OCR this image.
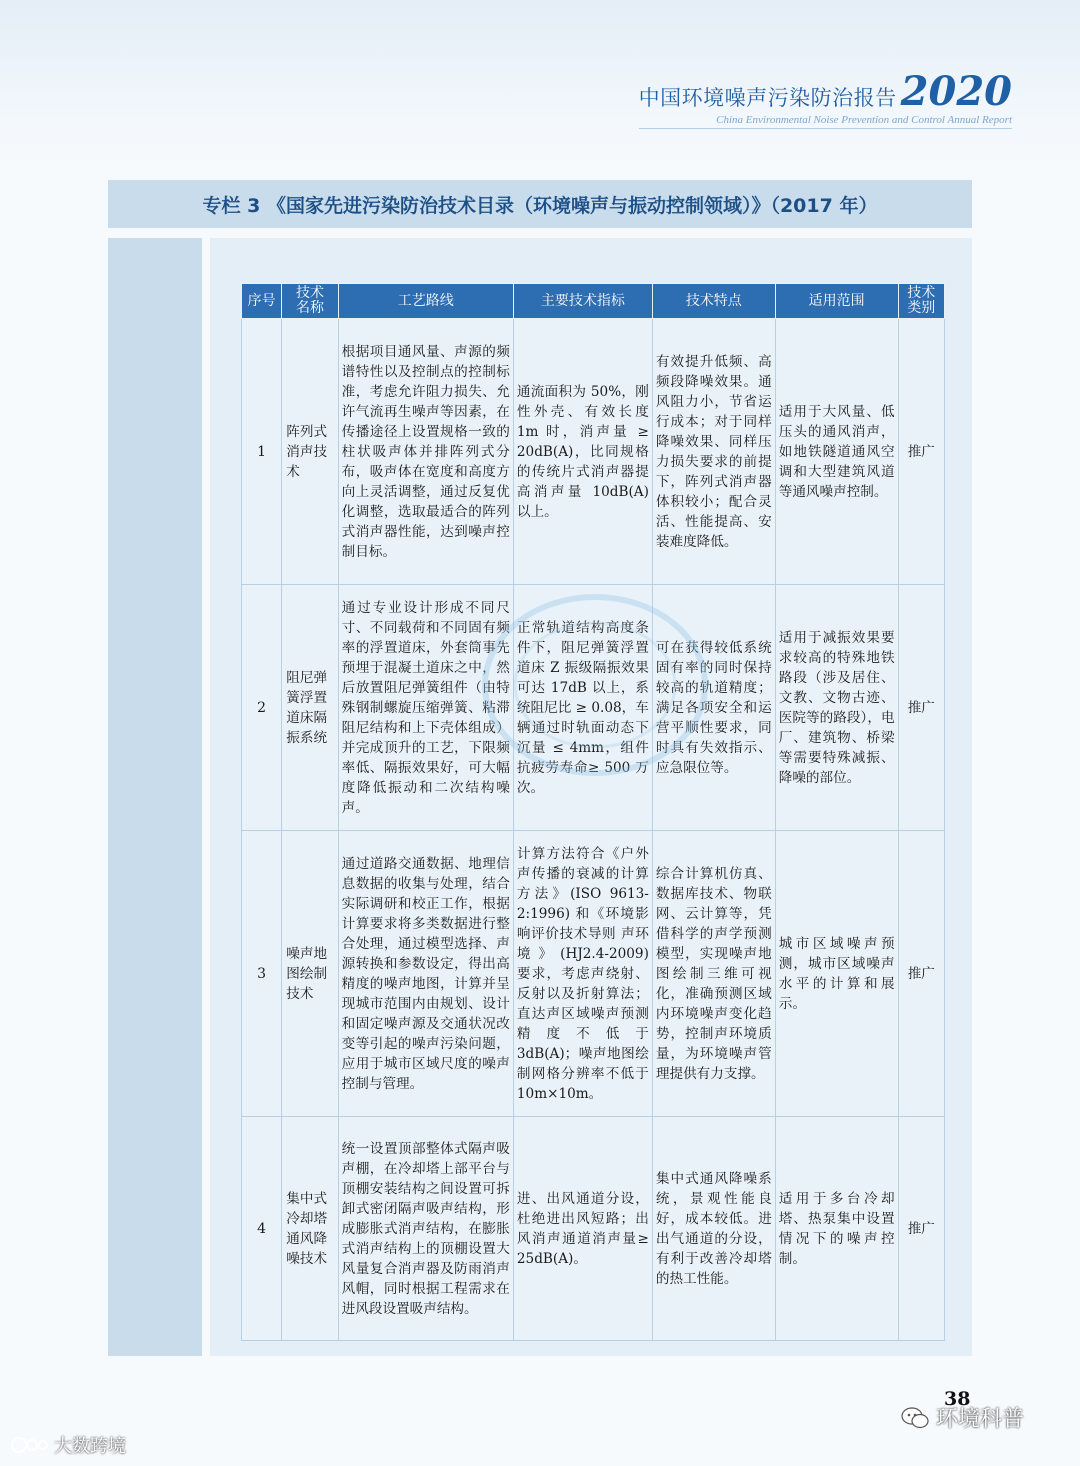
中国环境噪声污染防治报告 2020
China Environmental Noise Prevention and Control Annual Report
专栏 3 《国家先进污染防治技术目录（环境噪声与振动控制领域）》（2017 年）
序号	技术名称	工艺路线	主要技术指标	技术特点	适用范围	技术类别
1	阵列式消声技术	根据项目通风量、声源的频谱特性以及控制点的控制标准，考虑允许阻力损失、允许气流再生噪声等因素，在传播途径上设置规格一致的柱状吸声体并排阵列式分布，吸声体在宽度和高度方向上灵活调整，通过反复优化调整，选取最适合的阵列式消声器性能，达到噪声控制目标。	通流面积为 50%，刚性外壳、有效长度 1m 时，消声量 ≥ 20dB(A)，比同规格的传统片式消声器提高消声量 10dB(A) 以上。	有效提升低频、高频段降噪效果。通风阻力小，节省运行成本；对于同样降噪效果、同样压力损失要求的前提下，阵列式消声器体积较小；配合灵活、性能提高、安装难度降低。	适用于大风量、低压头的通风消声，如地铁隧道通风空调和大型建筑风道等通风噪声控制。	推广
2	阻尼弹簧浮置道床隔振系统	通过专业设计形成不同尺寸、不同载荷和不同固有频率的浮置道床，外套筒事先预埋于混凝土道床之中，然后放置阻尼弹簧组件（由特殊钢制螺旋压缩弹簧、粘滞阻尼结构和上下壳体组成）并完成顶升的工艺，下限频率低、隔振效果好，可大幅度降低振动和二次结构噪声。	正常轨道结构高度条件下，阻尼弹簧浮置道床 Z 振级隔振效果可达 17dB 以上，系统阻尼比 ≥ 0.08，车辆通过时轨面动态下沉量 ≤ 4mm，组件抗疲劳寿命≥ 500 万次。	可在获得较低系统固有率的同时保持较高的轨道精度；满足各项安全和运营平顺性要求，同时具有失效指示、应急限位等。	适用于减振效果要求较高的特殊地铁路段（涉及居住、文教、文物古迹、医院等的路段），电厂、建筑物、桥梁等需要特殊减振、降噪的部位。	推广
3	噪声地图绘制技术	通过道路交通数据、地理信息数据的收集与处理，结合实际调研和校正工作，根据计算要求将多类数据进行整合处理，通过模型选择、声源转换和参数设定，得出高精度的噪声地图，计算并呈现城市范围内由规划、设计和固定噪声源及交通状况改变等引起的噪声污染问题，应用于城市区域尺度的噪声控制与管理。	计算方法符合《户外声传播的衰减的计算方法》(ISO 9613-2:1996) 和《环境影响评价技术导则 声环境》(HJ2.4-2009) 要求，考虑声绕射、反射以及折射算法；直达声区域噪声预测精度不低于 3dB(A)；噪声地图绘制网格分辨率不低于 10m×10m。	综合计算机仿真、数据库技术、物联网、云计算等，凭借科学的声学预测模型，实现噪声地图绘制三维可视化，准确预测区域内环境噪声变化趋势，控制声环境质量，为环境噪声管理提供有力支撑。	城市区域噪声预测，城市区域噪声水平的计算和展示。	推广
4	集中式冷却塔通风降噪技术	统一设置顶部整体式隔声吸声棚，在冷却塔上部平台与顶棚安装结构之间设置可拆卸式密闭隔声吸声结构，形成膨胀式消声结构，在膨胀式消声结构上的顶棚设置大风量复合消声器及防雨消声风帽，同时根据工程需求在进风段设置吸声结构。	进、出风通道分设，杜绝进出风短路；出风消声通道消声量≥ 25dB(A)。	集中式通风降噪系统，景观性能良好，成本较低。进出气通道的分设，有利于改善冷却塔的热工性能。	适用于多台冷却塔、热泵集中设置情况下的噪声控制。	推广
38
环境科普
大数跨境
